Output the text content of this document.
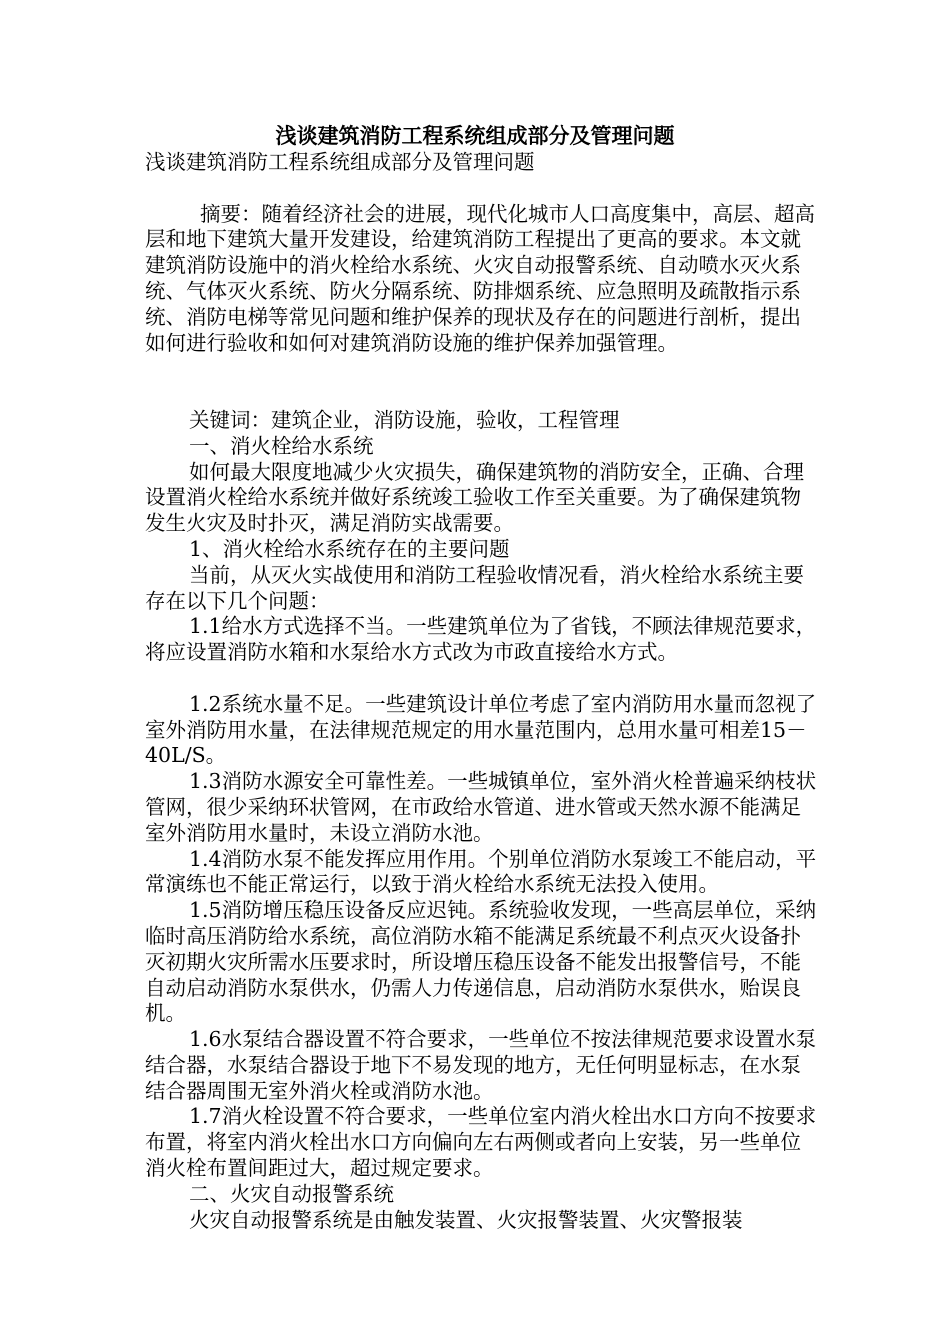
浅谈建筑消防工程系统组成部分及管理问题

浅谈建筑消防工程系统组成部分及管理问题

摘要：随着经济社会的进展，现代化城市人口高度集中，高层、超高层和地下建筑大量开发建设，给建筑消防工程提出了更高的要求。本文就建筑消防设施中的消火栓给水系统、火灾自动报警系统、自动喷水灭火系统、气体灭火系统、防火分隔系统、防排烟系统、应急照明及疏散指示系统、消防电梯等常见问题和维护保养的现状及存在的问题进行剖析，提出如何进行验收和如何对建筑消防设施的维护保养加强管理。

关键词：建筑企业，消防设施，验收，工程管理

一、消火栓给水系统

如何最大限度地减少火灾损失，确保建筑物的消防安全，正确、合理设置消火栓给水系统并做好系统竣工验收工作至关重要。为了确保建筑物发生火灾及时扑灭，满足消防实战需要。

1、消火栓给水系统存在的主要问题

当前，从灭火实战使用和消防工程验收情况看，消火栓给水系统主要存在以下几个问题：

1.1给水方式选择不当。一些建筑单位为了省钱，不顾法律规范要求，将应设置消防水箱和水泵给水方式改为市政直接给水方式。

1.2系统水量不足。一些建筑设计单位考虑了室内消防用水量而忽视了室外消防用水量，在法律规范规定的用水量范围内，总用水量可相差15－40L/S。

1.3消防水源安全可靠性差。一些城镇单位，室外消火栓普遍采纳枝状管网，很少采纳环状管网，在市政给水管道、进水管或天然水源不能满足室外消防用水量时，未设立消防水池。

1.4消防水泵不能发挥应用作用。个别单位消防水泵竣工不能启动，平常演练也不能正常运行，以致于消火栓给水系统无法投入使用。

1.5消防增压稳压设备反应迟钝。系统验收发现，一些高层单位，采纳临时高压消防给水系统，高位消防水箱不能满足系统最不利点灭火设备扑灭初期火灾所需水压要求时，所设增压稳压设备不能发出报警信号，不能自动启动消防水泵供水，仍需人力传递信息，启动消防水泵供水，贻误良机。

1.6水泵结合器设置不符合要求，一些单位不按法律规范要求设置水泵结合器，水泵结合器设于地下不易发现的地方，无任何明显标志，在水泵结合器周围无室外消火栓或消防水池。

1.7消火栓设置不符合要求，一些单位室内消火栓出水口方向不按要求布置，将室内消火栓出水口方向偏向左右两侧或者向上安装，另一些单位消火栓布置间距过大，超过规定要求。

二、火灾自动报警系统

火灾自动报警系统是由触发装置、火灾报警装置、火灾警报装
